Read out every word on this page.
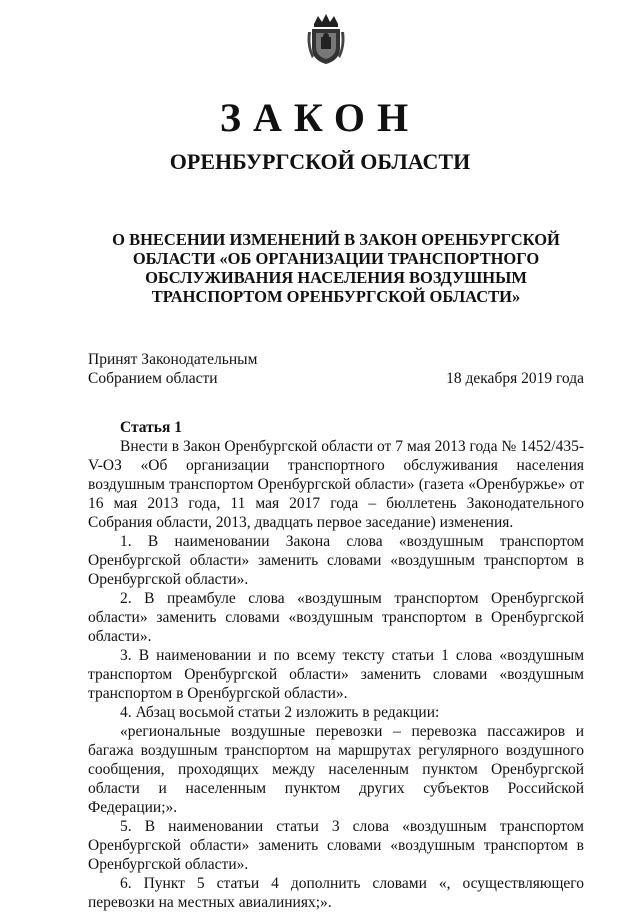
ЗАКОН
ОРЕНБУРГСКОЙ ОБЛАСТИ
О ВНЕСЕНИИ ИЗМЕНЕНИЙ В ЗАКОН ОРЕНБУРГСКОЙ ОБЛАСТИ «ОБ ОРГАНИЗАЦИИ ТРАНСПОРТНОГО ОБСЛУЖИВАНИЯ НАСЕЛЕНИЯ ВОЗДУШНЫМ ТРАНСПОРТОМ ОРЕНБУРГСКОЙ ОБЛАСТИ»
Принят Законодательным
Собранием области	18 декабря 2019 года
Статья 1

Внести в Закон Оренбургской области от 7 мая 2013 года № 1452/435-V-ОЗ «Об организации транспортного обслуживания населения воздушным транспортом Оренбургской области» (газета «Оренбуржье» от 16 мая 2013 года, 11 мая 2017 года – бюллетень Законодательного Собрания области, 2013, двадцать первое заседание) изменения.

1. В наименовании Закона слова «воздушным транспортом Оренбургской области» заменить словами «воздушным транспортом в Оренбургской области».

2. В преамбуле слова «воздушным транспортом Оренбургской области» заменить словами «воздушным транспортом в Оренбургской области».

3. В наименовании и по всему тексту статьи 1 слова «воздушным транспортом Оренбургской области» заменить словами «воздушным транспортом в Оренбургской области».

4. Абзац восьмой статьи 2 изложить в редакции:

«региональные воздушные перевозки – перевозка пассажиров и багажа воздушным транспортом на маршрутах регулярного воздушного сообщения, проходящих между населенным пунктом Оренбургской области и населенным пунктом других субъектов Российской Федерации;».

5. В наименовании статьи 3 слова «воздушным транспортом Оренбургской области» заменить словами «воздушным транспортом в Оренбургской области».

6. Пункт 5 статьи 4 дополнить словами «, осуществляющего перевозки на местных авиалиниях;».
